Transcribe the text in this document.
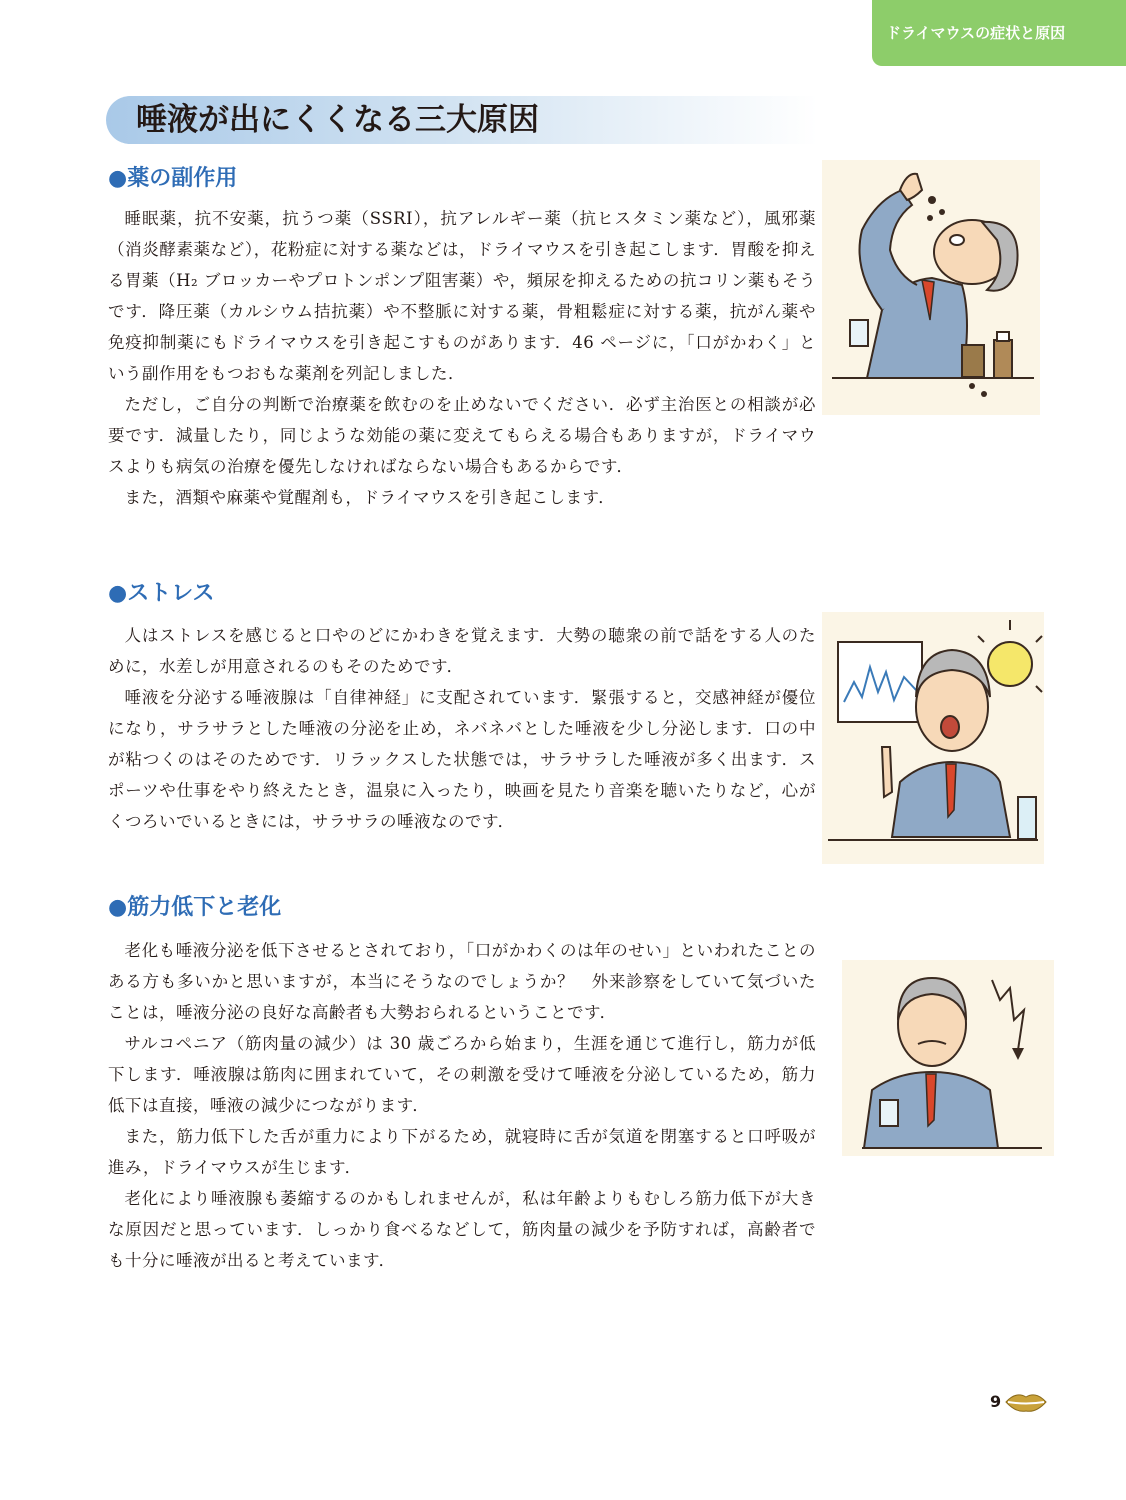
ドライマウスの症状と原因
唾液が出にくくなる三大原因
●薬の副作用

睡眠薬，抗不安薬，抗うつ薬（SSRI），抗アレルギー薬（抗ヒスタミン薬など），風邪薬（消炎酵素薬など），花粉症に対する薬などは，ドライマウスを引き起こします．胃酸を抑える胃薬（H₂ ブロッカーやプロトンポンプ阻害薬）や，頻尿を抑えるための抗コリン薬もそうです．降圧薬（カルシウム拮抗薬）や不整脈に対する薬，骨粗鬆症に対する薬，抗がん薬や免疫抑制薬にもドライマウスを引き起こすものがあります．46 ページに，「口がかわく」という副作用をもつおもな薬剤を列記しました．

ただし，ご自分の判断で治療薬を飲むのを止めないでください．必ず主治医との相談が必要です．減量したり，同じような効能の薬に変えてもらえる場合もありますが，ドライマウスよりも病気の治療を優先しなければならない場合もあるからです．

また，酒類や麻薬や覚醒剤も，ドライマウスを引き起こします．

●ストレス

人はストレスを感じると口やのどにかわきを覚えます．大勢の聴衆の前で話をする人のために，水差しが用意されるのもそのためです．

唾液を分泌する唾液腺は「自律神経」に支配されています．緊張すると，交感神経が優位になり，サラサラとした唾液の分泌を止め，ネバネバとした唾液を少し分泌します．口の中が粘つくのはそのためです．リラックスした状態では，サラサラした唾液が多く出ます．スポーツや仕事をやり終えたとき，温泉に入ったり，映画を見たり音楽を聴いたりなど，心がくつろいでいるときには，サラサラの唾液なのです．

●筋力低下と老化

老化も唾液分泌を低下させるとされており，「口がかわくのは年のせい」といわれたことのある方も多いかと思いますが，本当にそうなのでしょうか？　外来診察をしていて気づいたことは，唾液分泌の良好な高齢者も大勢おられるということです．

サルコペニア（筋肉量の減少）は 30 歳ごろから始まり，生涯を通じて進行し，筋力が低下します．唾液腺は筋肉に囲まれていて，その刺激を受けて唾液を分泌しているため，筋力低下は直接，唾液の減少につながります．

また，筋力低下した舌が重力により下がるため，就寝時に舌が気道を閉塞すると口呼吸が進み，ドライマウスが生じます．

老化により唾液腺も萎縮するのかもしれませんが，私は年齢よりもむしろ筋力低下が大きな原因だと思っています．しっかり食べるなどして，筋肉量の減少を予防すれば，高齢者でも十分に唾液が出ると考えています．

9
